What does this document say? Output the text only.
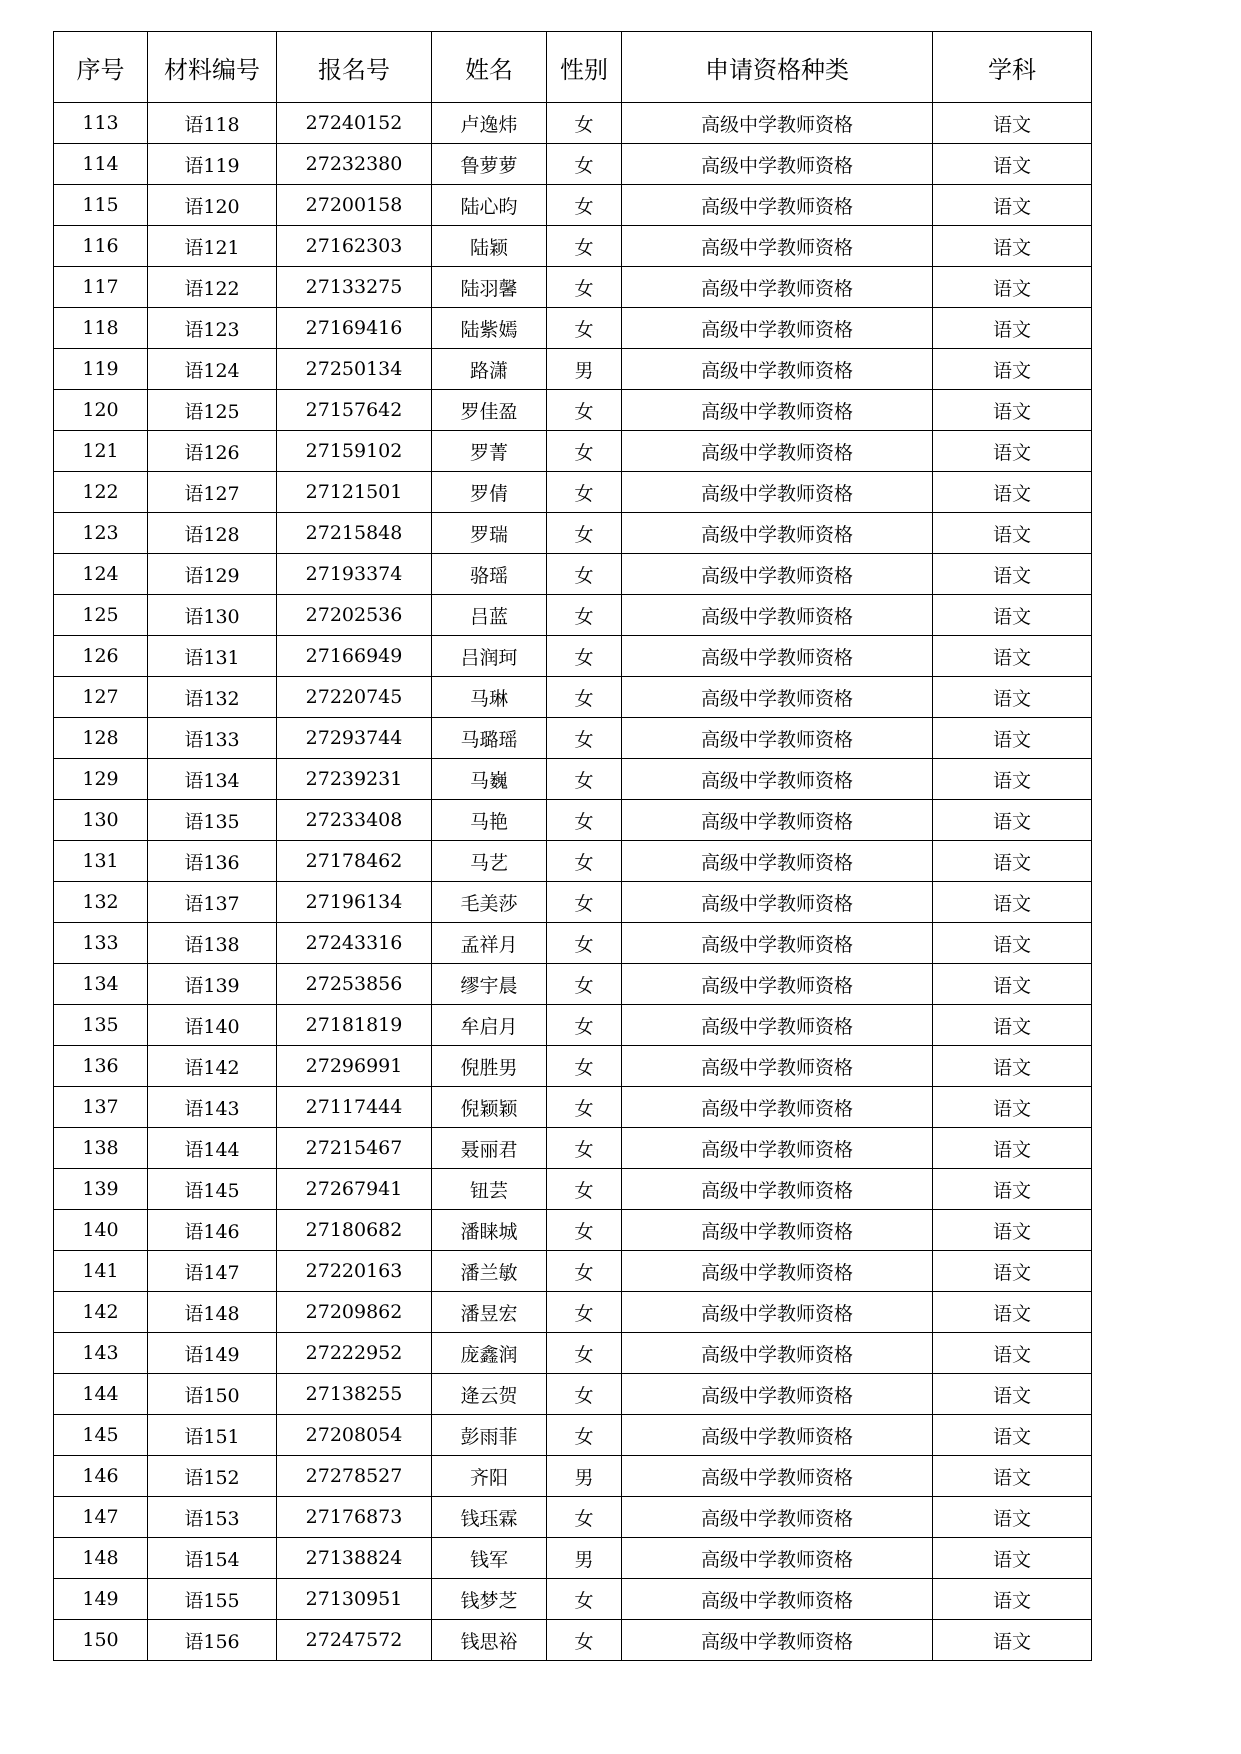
序号	材料编号	报名号	姓名	性别	申请资格种类	学科
113	语118	27240152	卢逸炜	女	高级中学教师资格	语文
114	语119	27232380	鲁萝萝	女	高级中学教师资格	语文
115	语120	27200158	陆心昀	女	高级中学教师资格	语文
116	语121	27162303	陆颖	女	高级中学教师资格	语文
117	语122	27133275	陆羽馨	女	高级中学教师资格	语文
118	语123	27169416	陆紫嫣	女	高级中学教师资格	语文
119	语124	27250134	路潇	男	高级中学教师资格	语文
120	语125	27157642	罗佳盈	女	高级中学教师资格	语文
121	语126	27159102	罗菁	女	高级中学教师资格	语文
122	语127	27121501	罗倩	女	高级中学教师资格	语文
123	语128	27215848	罗瑞	女	高级中学教师资格	语文
124	语129	27193374	骆瑶	女	高级中学教师资格	语文
125	语130	27202536	吕蓝	女	高级中学教师资格	语文
126	语131	27166949	吕润珂	女	高级中学教师资格	语文
127	语132	27220745	马琳	女	高级中学教师资格	语文
128	语133	27293744	马璐瑶	女	高级中学教师资格	语文
129	语134	27239231	马巍	女	高级中学教师资格	语文
130	语135	27233408	马艳	女	高级中学教师资格	语文
131	语136	27178462	马艺	女	高级中学教师资格	语文
132	语137	27196134	毛美莎	女	高级中学教师资格	语文
133	语138	27243316	孟祥月	女	高级中学教师资格	语文
134	语139	27253856	缪宇晨	女	高级中学教师资格	语文
135	语140	27181819	牟启月	女	高级中学教师资格	语文
136	语142	27296991	倪胜男	女	高级中学教师资格	语文
137	语143	27117444	倪颖颖	女	高级中学教师资格	语文
138	语144	27215467	聂丽君	女	高级中学教师资格	语文
139	语145	27267941	钮芸	女	高级中学教师资格	语文
140	语146	27180682	潘睐城	女	高级中学教师资格	语文
141	语147	27220163	潘兰敏	女	高级中学教师资格	语文
142	语148	27209862	潘昱宏	女	高级中学教师资格	语文
143	语149	27222952	庞鑫润	女	高级中学教师资格	语文
144	语150	27138255	逄云贺	女	高级中学教师资格	语文
145	语151	27208054	彭雨菲	女	高级中学教师资格	语文
146	语152	27278527	齐阳	男	高级中学教师资格	语文
147	语153	27176873	钱珏霖	女	高级中学教师资格	语文
148	语154	27138824	钱军	男	高级中学教师资格	语文
149	语155	27130951	钱梦芝	女	高级中学教师资格	语文
150	语156	27247572	钱思裕	女	高级中学教师资格	语文
